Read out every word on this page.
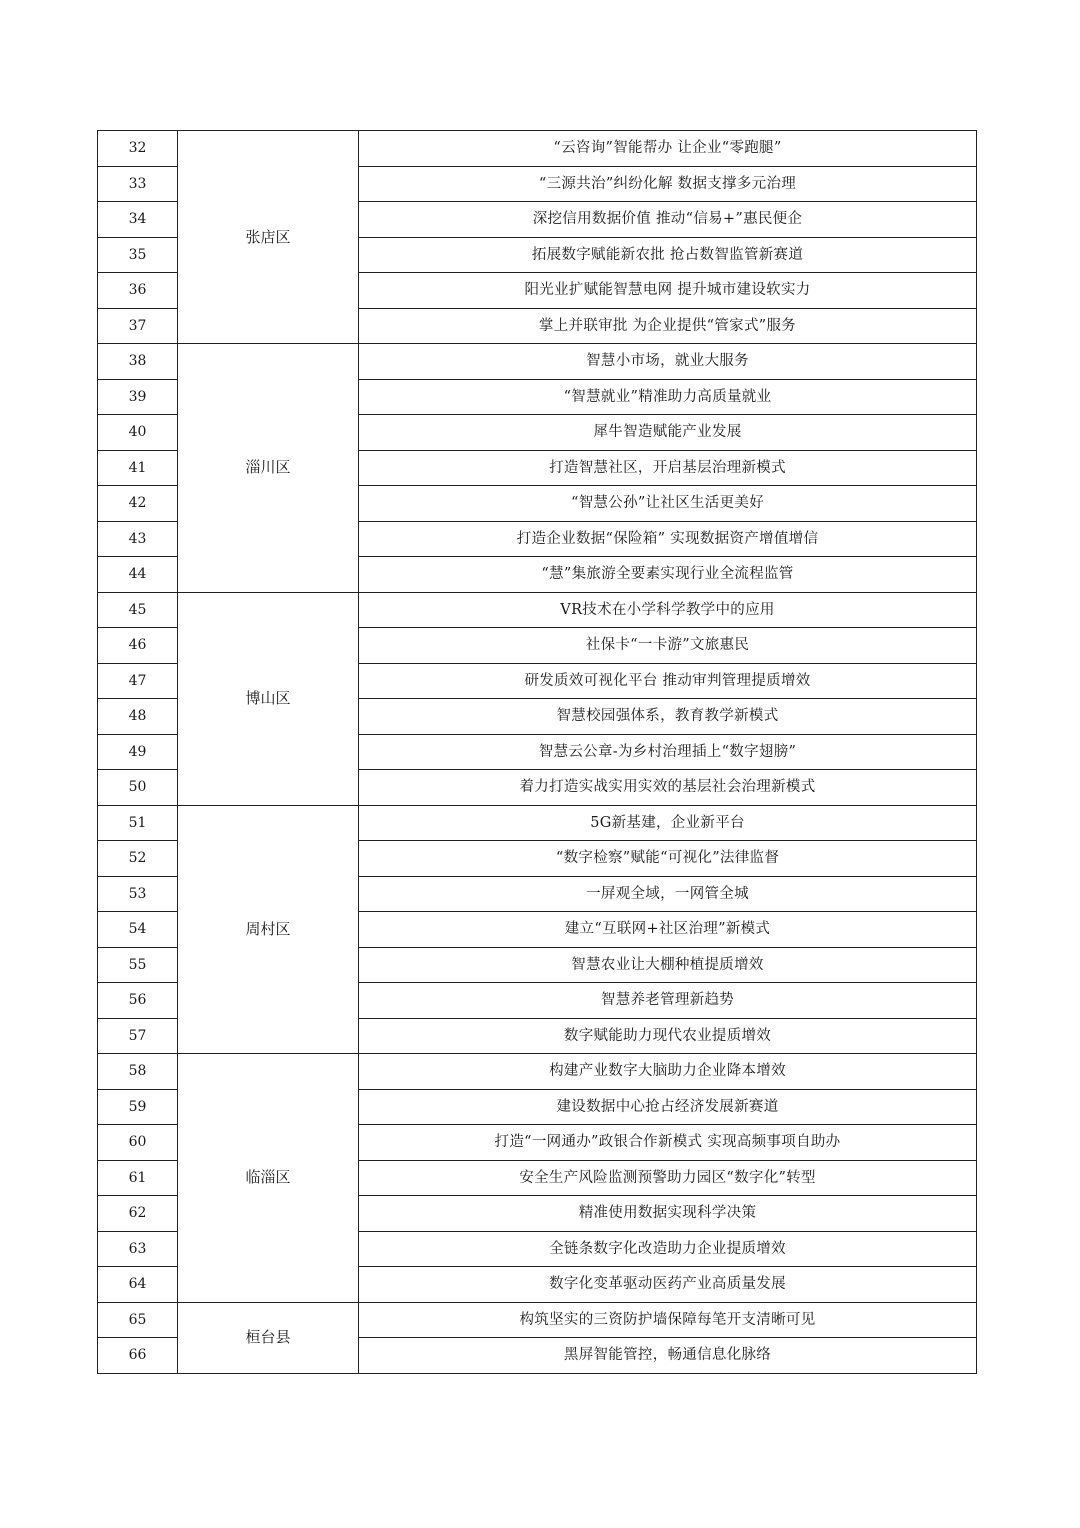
32	张店区	“云咨询”智能帮办 让企业“零跑腿”
33		“三源共治”纠纷化解 数据支撑多元治理
34		深挖信用数据价值 推动“信易+”惠民便企
35		拓展数字赋能新农批 抢占数智监管新赛道
36		阳光业扩赋能智慧电网 提升城市建设软实力
37		掌上并联审批 为企业提供“管家式”服务
38	淄川区	智慧小市场，就业大服务
39		“智慧就业”精准助力高质量就业
40		犀牛智造赋能产业发展
41		打造智慧社区，开启基层治理新模式
42		“智慧公孙”让社区生活更美好
43		打造企业数据“保险箱” 实现数据资产增值增信
44		“慧”集旅游全要素实现行业全流程监管
45	博山区	VR技术在小学科学教学中的应用
46		社保卡“一卡游”文旅惠民
47		研发质效可视化平台 推动审判管理提质增效
48		智慧校园强体系，教育教学新模式
49		智慧云公章-为乡村治理插上“数字翅膀”
50		着力打造实战实用实效的基层社会治理新模式
51	周村区	5G新基建，企业新平台
52		“数字检察”赋能“可视化”法律监督
53		一屏观全域，一网管全城
54		建立“互联网+社区治理”新模式
55		智慧农业让大棚种植提质增效
56		智慧养老管理新趋势
57		数字赋能助力现代农业提质增效
58	临淄区	构建产业数字大脑助力企业降本增效
59		建设数据中心抢占经济发展新赛道
60		打造“一网通办”政银合作新模式 实现高频事项自助办
61		安全生产风险监测预警助力园区“数字化”转型
62		精准使用数据实现科学决策
63		全链条数字化改造助力企业提质增效
64		数字化变革驱动医药产业高质量发展
65	桓台县	构筑坚实的三资防护墙保障每笔开支清晰可见
66		黑屏智能管控，畅通信息化脉络
